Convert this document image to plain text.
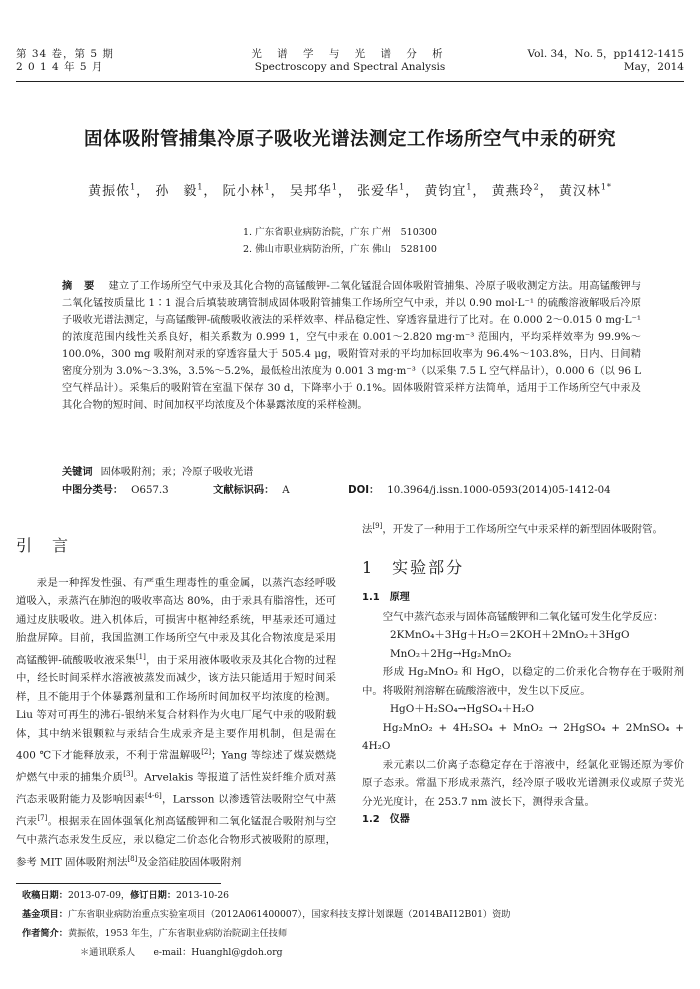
第 34 卷，第 5 期
2 0 1 4 年 5 月
光 谱 学 与 光 谱 分 析
Spectroscopy and Spectral Analysis
Vol. 34，No. 5，pp1412-1415
May，2014
固体吸附管捕集冷原子吸收光谱法测定工作场所空气中汞的研究
黄振侬$^1$， 孙　毅$^1$， 阮小林$^1$， 吴邦华$^1$， 张爱华$^1$， 黄钧宜$^1$， 黄燕玲$^2$， 黄汉林$^{1*}$
1. 广东省职业病防治院，广东 广州　510300
2. 佛山市职业病防治所，广东 佛山　528100
摘 要 建立了工作场所空气中汞及其化合物的高锰酸钾-二氧化锰混合固体吸附管捕集、冷原子吸收测定方法。用高锰酸钾与二氧化锰按质量比 1∶1 混合后填装玻璃管制成固体吸附管捕集工作场所空气中汞，并以 0.90 mol·L⁻¹ 的硫酸溶液解吸后冷原子吸收光谱法测定，与高锰酸钾-硫酸吸收液法的采样效率、样品稳定性、穿透容量进行了比对。在 0.000 2～0.015 0 mg·L⁻¹ 的浓度范围内线性关系良好，相关系数为 0.999 1，空气中汞在 0.001～2.820 mg·m⁻³ 范围内，平均采样效率为 99.9%～100.0%，300 mg 吸附剂对汞的穿透容量大于 505.4 μg，吸附管对汞的平均加标回收率为 96.4%～103.8%，日内、日间精密度分别为 3.0%～3.3%，3.5%～5.2%，最低检出浓度为 0.001 3 mg·m⁻³（以采集 7.5 L 空气样品计），0.000 6（以 96 L 空气样品计）。采集后的吸附管在室温下保存 30 d，下降率小于 0.1%。固体吸附管采样方法简单，适用于工作场所空气中汞及其化合物的短时间、时间加权平均浓度及个体暴露浓度的采样检测。
关键词 固体吸附剂；汞；冷原子吸收光谱
中图分类号： O657.3	文献标识码： A	DOI： 10.3964/j.issn.1000-0593(2014)05-1412-04
引　言
汞是一种挥发性强、有严重生理毒性的重金属，以蒸汽态经呼吸道吸入，汞蒸汽在肺泡的吸收率高达 80%，由于汞具有脂溶性，还可通过皮肤吸收。进入机体后，可损害中枢神经系统，甲基汞还可通过胎盘屏障。目前，我国监测工作场所空气中汞及其化合物浓度是采用高锰酸钾-硫酸吸收液采集[1]，由于采用液体吸收汞及其化合物的过程中，经长时间采样水溶液被蒸发而减少，该方法只能适用于短时间采样，且不能用于个体暴露剂量和工作场所时间加权平均浓度的检测。Liu 等对可再生的沸石-银纳米复合材料作为火电厂尾气中汞的吸附载体，其中纳米银颗粒与汞结合生成汞齐是主要作用机制，但是需在 400 ℃下才能释放汞，不利于常温解吸[2]；Yang 等综述了煤炭燃烧炉燃气中汞的捕集介质[3]。Arvelakis 等报道了活性炭纤维介质对蒸汽态汞吸附能力及影响因素[4-6]，Larsson 以渗透管法吸附空气中蒸汽汞[7]。根据汞在固体强氧化剂高锰酸钾和二氧化锰混合吸附剂与空气中蒸汽态汞发生反应，汞以稳定二价态化合物形式被吸附的原理，参考 MIT 固体吸附剂法[8]及金箔硅胶固体吸附剂
法[9]，开发了一种用于工作场所空气中汞采样的新型固体吸附管。
1　实验部分
1.1　原理
空气中蒸汽态汞与固体高锰酸钾和二氧化锰可发生化学反应：
2KMnO₄＋3Hg＋H₂O＝2KOH＋2MnO₂＋3HgO
MnO₂＋2Hg→Hg₂MnO₂
形成 Hg₂MnO₂ 和 HgO，以稳定的二价汞化合物存在于吸附剂中。将吸附剂溶解在硫酸溶液中，发生以下反应。
HgO＋H₂SO₄→HgSO₄＋H₂O
Hg₂MnO₂ + 4H₂SO₄ + MnO₂ → 2HgSO₄ + 2MnSO₄ + 4H₂O
汞元素以二价离子态稳定存在于溶液中，经氯化亚锡还原为零价原子态汞。常温下形成汞蒸汽，经冷原子吸收光谱测汞仪或原子荧光分光光度计，在 253.7 nm 波长下，测得汞含量。
1.2　仪器
收稿日期：2013-07-09，修订日期：2013-10-26
基金项目：广东省职业病防治重点实验室项目（2012A061400007），国家科技支撑计划课题（2014BAI12B01）资助
作者简介：黄振侬，1953 年生，广东省职业病防治院副主任技师
＊通讯联系人　　e-mail：Huanghl@gdoh.org
